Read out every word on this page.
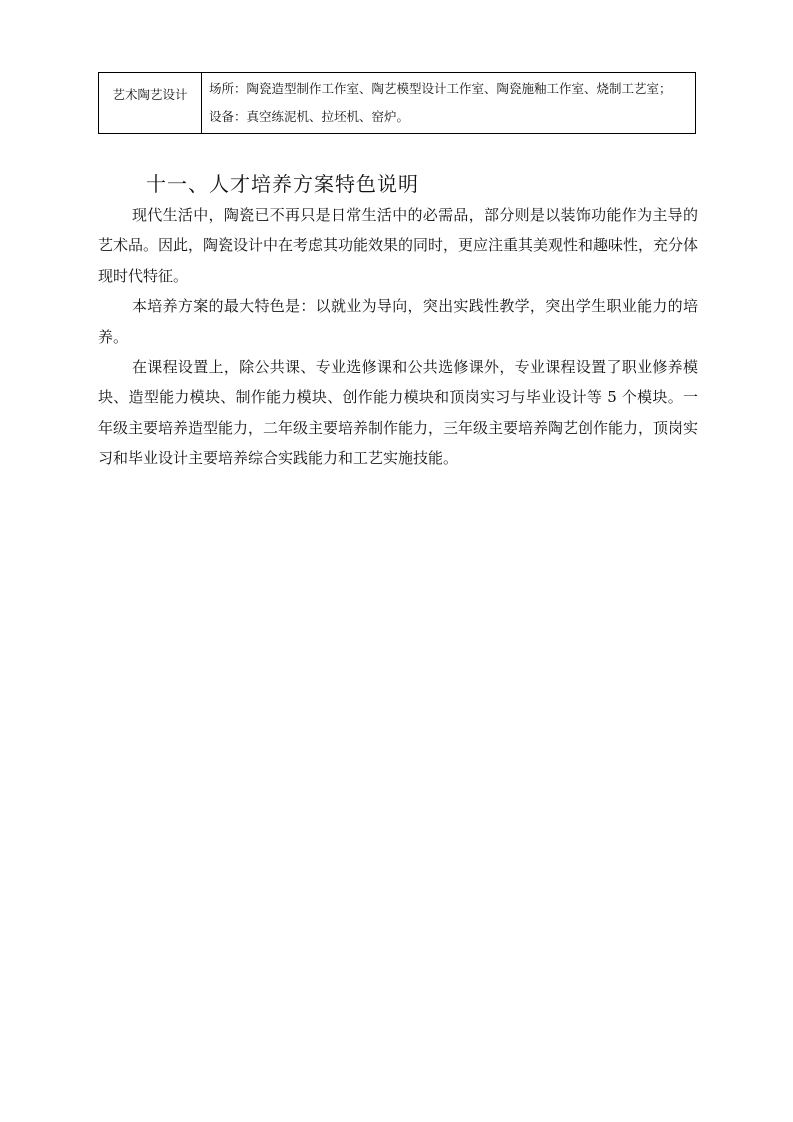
艺术陶艺设计	场所：陶瓷造型制作工作室、陶艺模型设计工作室、陶瓷施釉工作室、烧制工艺室；
设备：真空练泥机、拉坯机、窑炉。
十一、人才培养方案特色说明

现代生活中，陶瓷已不再只是日常生活中的必需品，部分则是以装饰功能作为主导的艺术品。因此，陶瓷设计中在考虑其功能效果的同时，更应注重其美观性和趣味性，充分体现时代特征。

本培养方案的最大特色是：以就业为导向，突出实践性教学，突出学生职业能力的培养。

在课程设置上，除公共课、专业选修课和公共选修课外，专业课程设置了职业修养模块、造型能力模块、制作能力模块、创作能力模块和顶岗实习与毕业设计等 5 个模块。一年级主要培养造型能力，二年级主要培养制作能力，三年级主要培养陶艺创作能力，顶岗实习和毕业设计主要培养综合实践能力和工艺实施技能。
